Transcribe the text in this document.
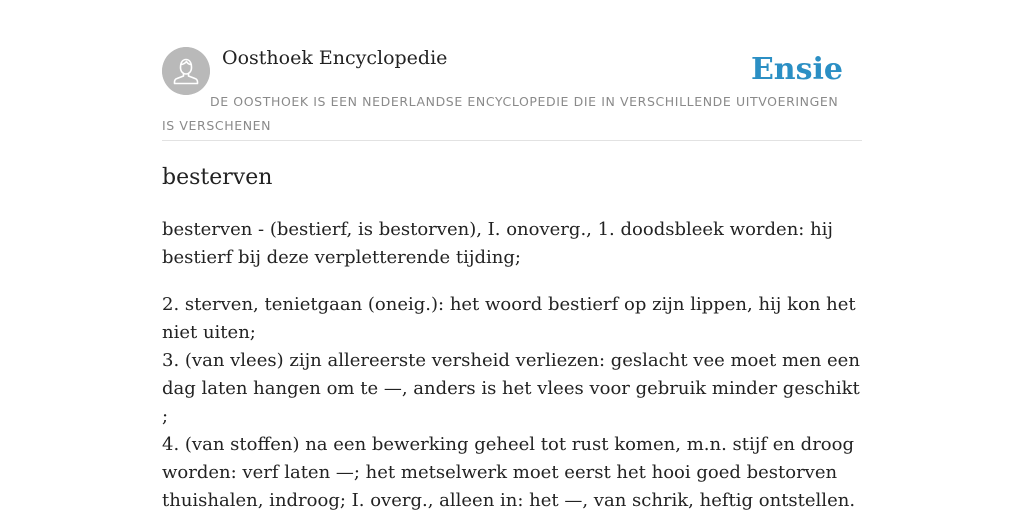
Oosthoek Encyclopedie	Ensie
DE OOSTHOEK IS EEN NEDERLANDSE ENCYCLOPEDIE DIE IN VERSCHILLENDE UITVOERINGEN IS VERSCHENEN
besterven

besterven - (bestierf, is bestorven), I. onoverg., 1. doodsbleek worden: hij bestierf bij deze verpletterende tijding;

2. sterven, tenietgaan (oneig.): het woord bestierf op zijn lippen, hij kon het niet uiten;

3. (van vlees) zijn allereerste versheid verliezen: geslacht vee moet men een dag laten hangen om te —, anders is het vlees voor gebruik minder geschikt ;

4. (van stoffen) na een bewerking geheel tot rust komen, m.n. stijf en droog worden: verf laten —; het metselwerk moet eerst het hooi goed bestorven thuishalen, indroog; I. overg., alleen in: het —, van schrik, heftig ontstellen.
